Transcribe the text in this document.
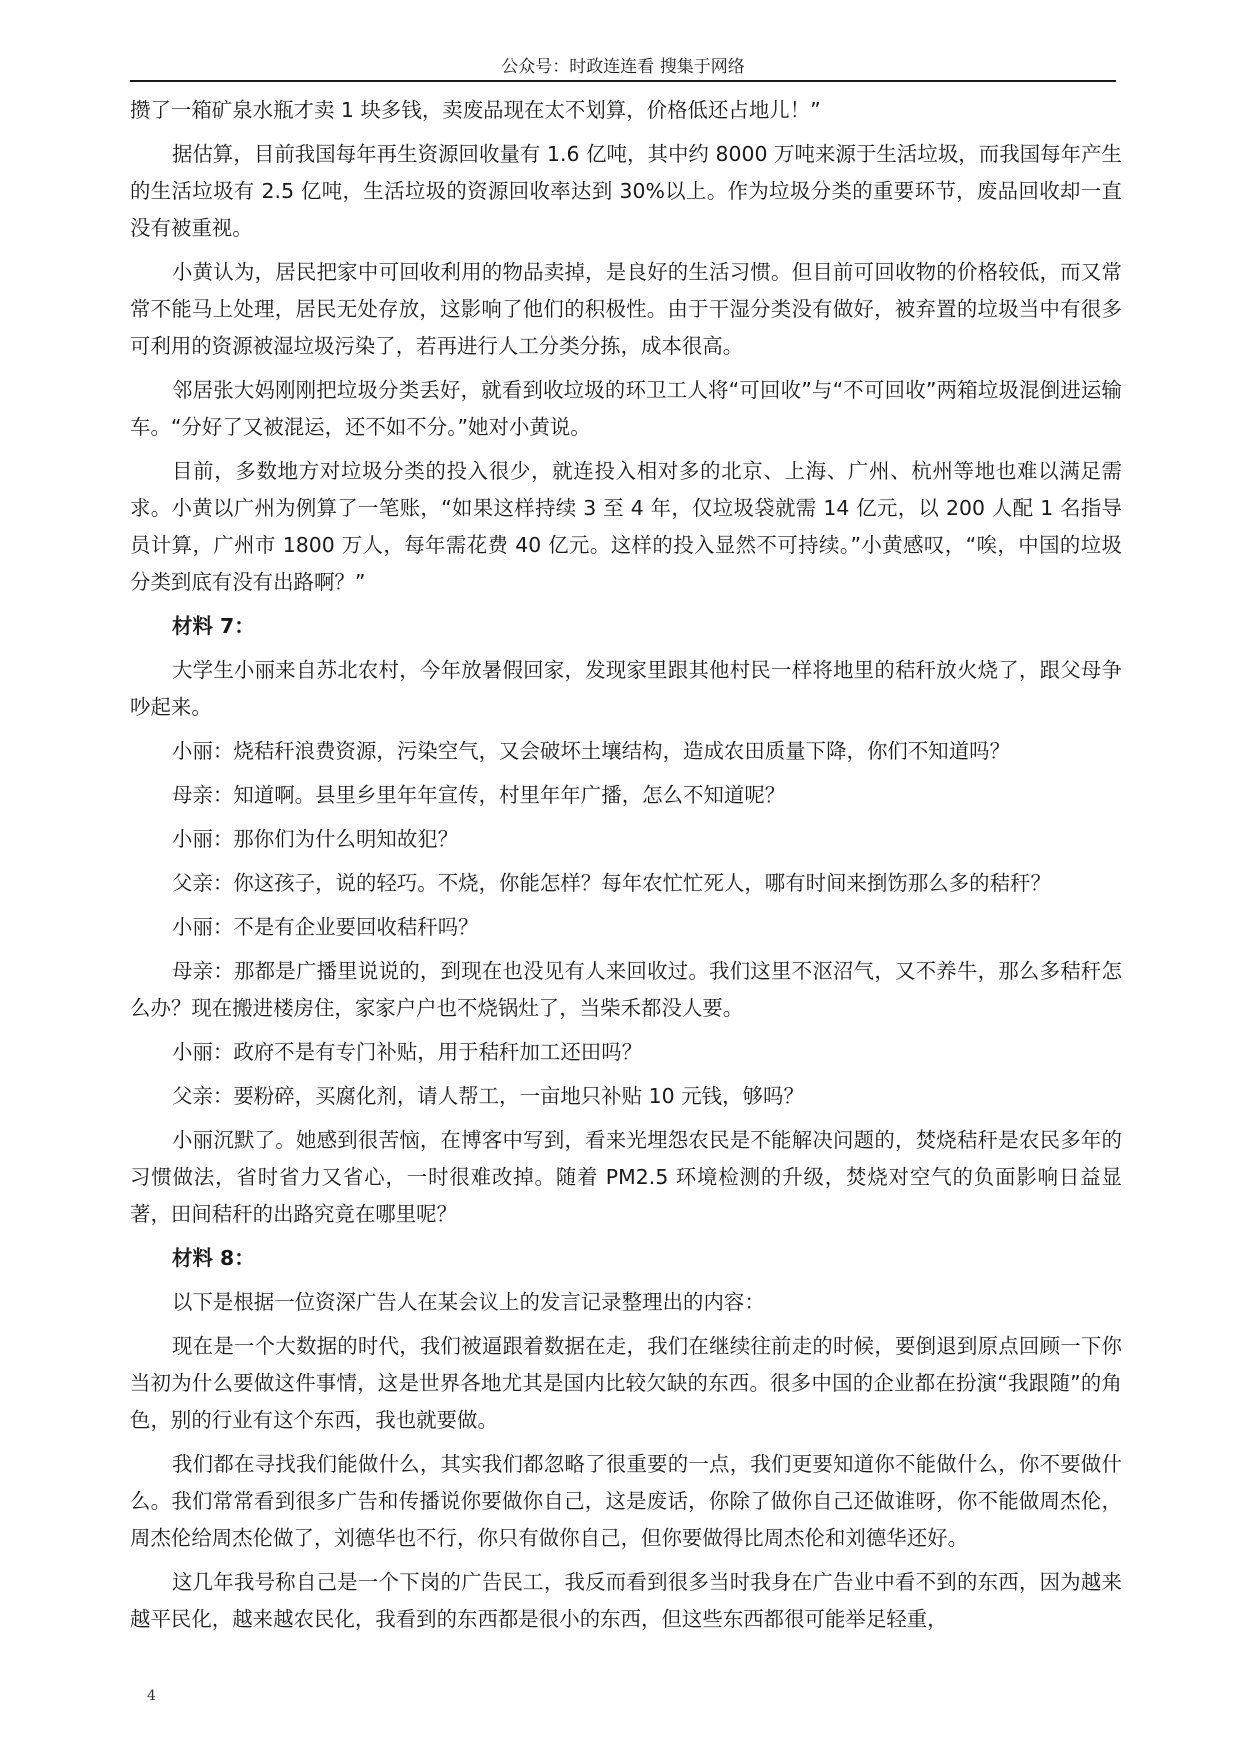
公众号：时政连连看 搜集于网络

攒了一箱矿泉水瓶才卖 1 块多钱，卖废品现在太不划算，价格低还占地儿！”

据估算，目前我国每年再生资源回收量有 1.6 亿吨，其中约 8000 万吨来源于生活垃圾，而我国每年产生的生活垃圾有 2.5 亿吨，生活垃圾的资源回收率达到 30%以上。作为垃圾分类的重要环节，废品回收却一直没有被重视。

小黄认为，居民把家中可回收利用的物品卖掉，是良好的生活习惯。但目前可回收物的价格较低，而又常常不能马上处理，居民无处存放，这影响了他们的积极性。由于干湿分类没有做好，被弃置的垃圾当中有很多可利用的资源被湿垃圾污染了，若再进行人工分类分拣，成本很高。

邻居张大妈刚刚把垃圾分类丢好，就看到收垃圾的环卫工人将“可回收”与“不可回收”两箱垃圾混倒进运输车。“分好了又被混运，还不如不分。”她对小黄说。

目前，多数地方对垃圾分类的投入很少，就连投入相对多的北京、上海、广州、杭州等地也难以满足需求。小黄以广州为例算了一笔账，“如果这样持续 3 至 4 年，仅垃圾袋就需 14 亿元，以 200 人配 1 名指导员计算，广州市 1800 万人，每年需花费 40 亿元。这样的投入显然不可持续。”小黄感叹，“唉，中国的垃圾分类到底有没有出路啊？”

材料 7：

大学生小丽来自苏北农村，今年放暑假回家，发现家里跟其他村民一样将地里的秸秆放火烧了，跟父母争吵起来。

小丽：烧秸秆浪费资源，污染空气，又会破坏土壤结构，造成农田质量下降，你们不知道吗？

母亲：知道啊。县里乡里年年宣传，村里年年广播，怎么不知道呢？

小丽：那你们为什么明知故犯？

父亲：你这孩子，说的轻巧。不烧，你能怎样？每年农忙忙死人，哪有时间来捯饬那么多的秸秆？

小丽：不是有企业要回收秸秆吗？

母亲：那都是广播里说说的，到现在也没见有人来回收过。我们这里不沤沼气，又不养牛，那么多秸秆怎么办？现在搬进楼房住，家家户户也不烧锅灶了，当柴禾都没人要。

小丽：政府不是有专门补贴，用于秸秆加工还田吗？

父亲：要粉碎，买腐化剂，请人帮工，一亩地只补贴 10 元钱，够吗？

小丽沉默了。她感到很苦恼，在博客中写到，看来光埋怨农民是不能解决问题的，焚烧秸秆是农民多年的习惯做法，省时省力又省心，一时很难改掉。随着 PM2.5 环境检测的升级，焚烧对空气的负面影响日益显著，田间秸秆的出路究竟在哪里呢？

材料 8：

以下是根据一位资深广告人在某会议上的发言记录整理出的内容：

现在是一个大数据的时代，我们被逼跟着数据在走，我们在继续往前走的时候，要倒退到原点回顾一下你当初为什么要做这件事情，这是世界各地尤其是国内比较欠缺的东西。很多中国的企业都在扮演“我跟随”的角色，别的行业有这个东西，我也就要做。

我们都在寻找我们能做什么，其实我们都忽略了很重要的一点，我们更要知道你不能做什么，你不要做什么。我们常常看到很多广告和传播说你要做你自己，这是废话，你除了做你自己还做谁呀，你不能做周杰伦，周杰伦给周杰伦做了，刘德华也不行，你只有做你自己，但你要做得比周杰伦和刘德华还好。

这几年我号称自己是一个下岗的广告民工，我反而看到很多当时我身在广告业中看不到的东西，因为越来越平民化，越来越农民化，我看到的东西都是很小的东西，但这些东西都很可能举足轻重，

4
